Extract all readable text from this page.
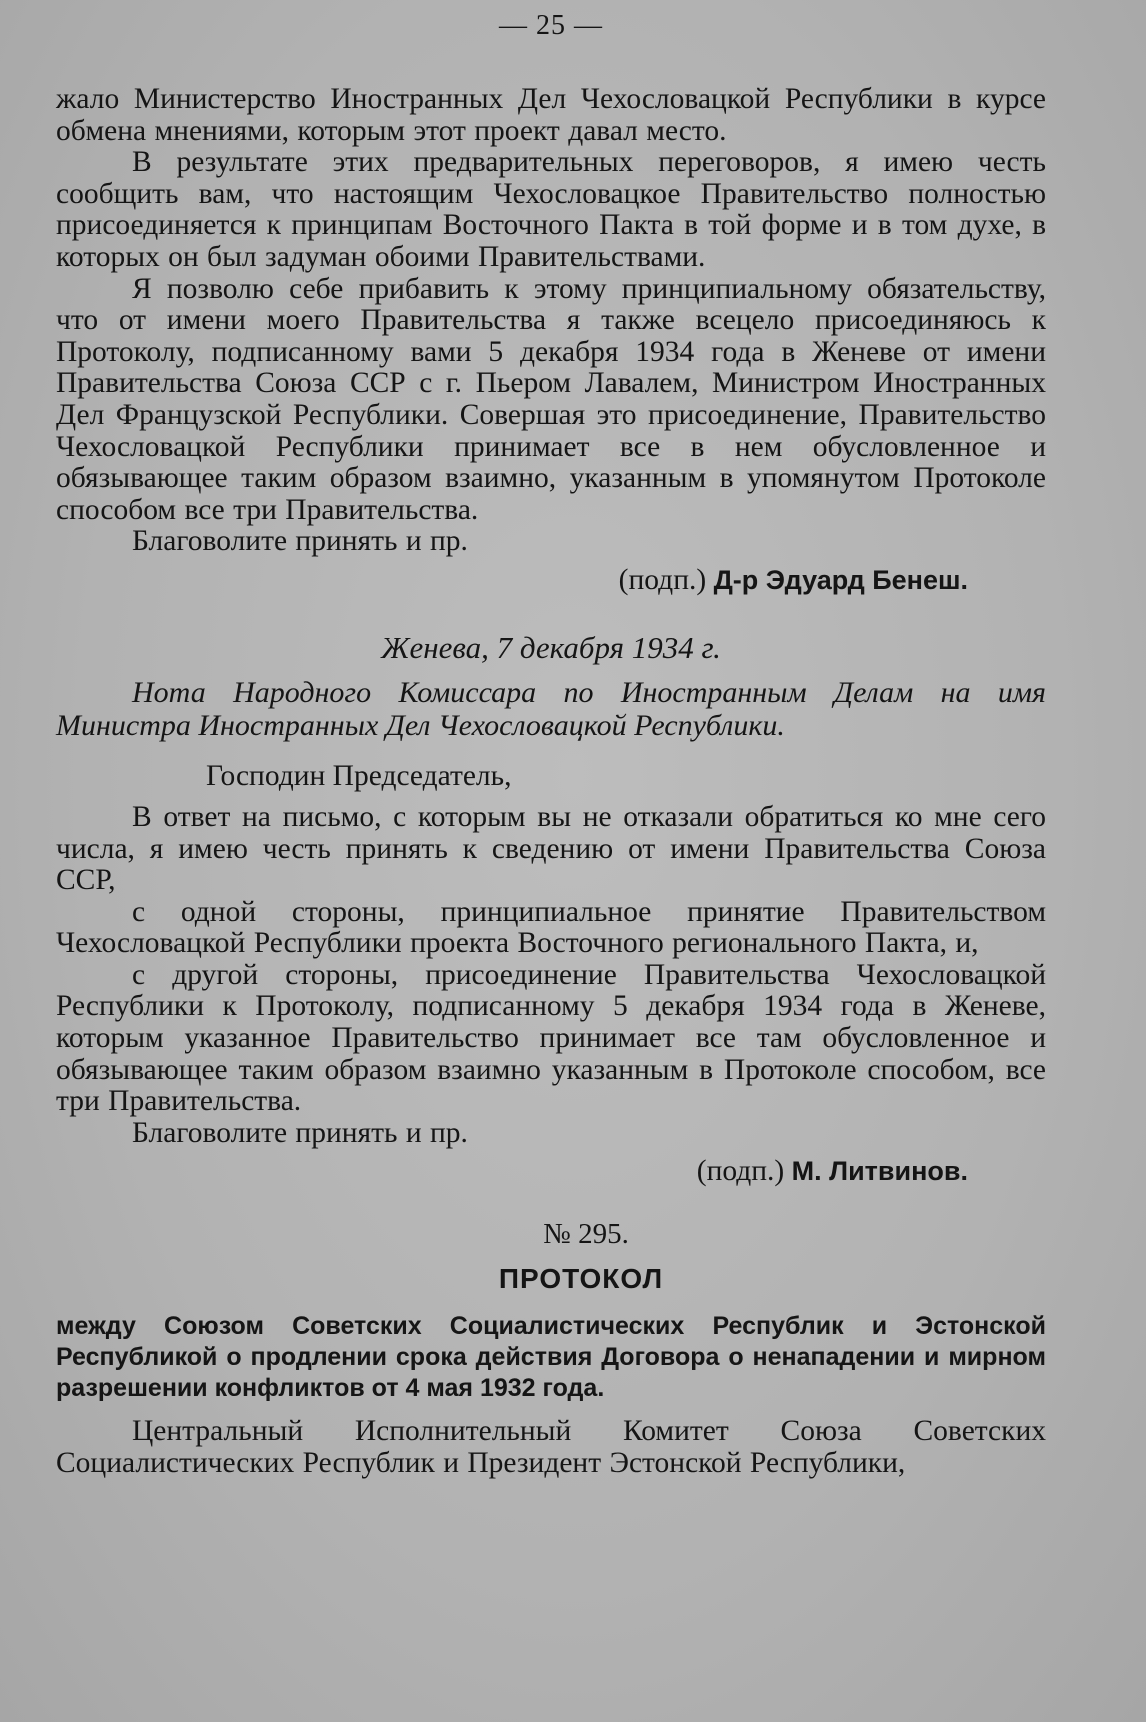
— 25 —

жало Министерство Иностранных Дел Чехословацкой Республики в курсе обмена мнениями, которым этот проект давал место.

В результате этих предварительных переговоров, я имею честь сообщить вам, что настоящим Чехословацкое Правительство полностью присоединяется к принципам Восточного Пакта в той форме и в том духе, в которых он был задуман обоими Правительствами.

Я позволю себе прибавить к этому принципиальному обязательству, что от имени моего Правительства я также всецело присоединяюсь к Протоколу, подписанному вами 5 декабря 1934 года в Женеве от имени Правительства Союза ССР с г. Пьером Лавалем, Министром Иностранных Дел Французской Республики. Совершая это присоединение, Правительство Чехословацкой Республики принимает все в нем обусловленное и обязывающее таким образом взаимно, указанным в упомянутом Протоколе способом все три Правительства.

Благоволите принять и пр.

(подп.) Д-р Эдуард Бенеш.
Женева, 7 декабря 1934 г.

Нота Народного Комиссара по Иностранным Делам на имя Министра Иностранных Дел Чехословацкой Республики.

Господин Председатель,

В ответ на письмо, с которым вы не отказали обратиться ко мне сего числа, я имею честь принять к сведению от имени Правительства Союза ССР,

с одной стороны, принципиальное принятие Правительством Чехословацкой Республики проекта Восточного регионального Пакта, и,

с другой стороны, присоединение Правительства Чехословацкой Республики к Протоколу, подписанному 5 декабря 1934 года в Женеве, которым указанное Правительство принимает все там обусловленное и обязывающее таким образом взаимно указанным в Протоколе способом, все три Правительства.

Благоволите принять и пр.

(подп.) М. Литвинов.
№ 295.
ПРОТОКОЛ

между Союзом Советских Социалистических Республик и Эстонской Республикой о продлении срока действия Договора о ненападении и мирном разрешении конфликтов от 4 мая 1932 года.

Центральный Исполнительный Комитет Союза Советских Социалистических Республик и Президент Эстонской Республики,
